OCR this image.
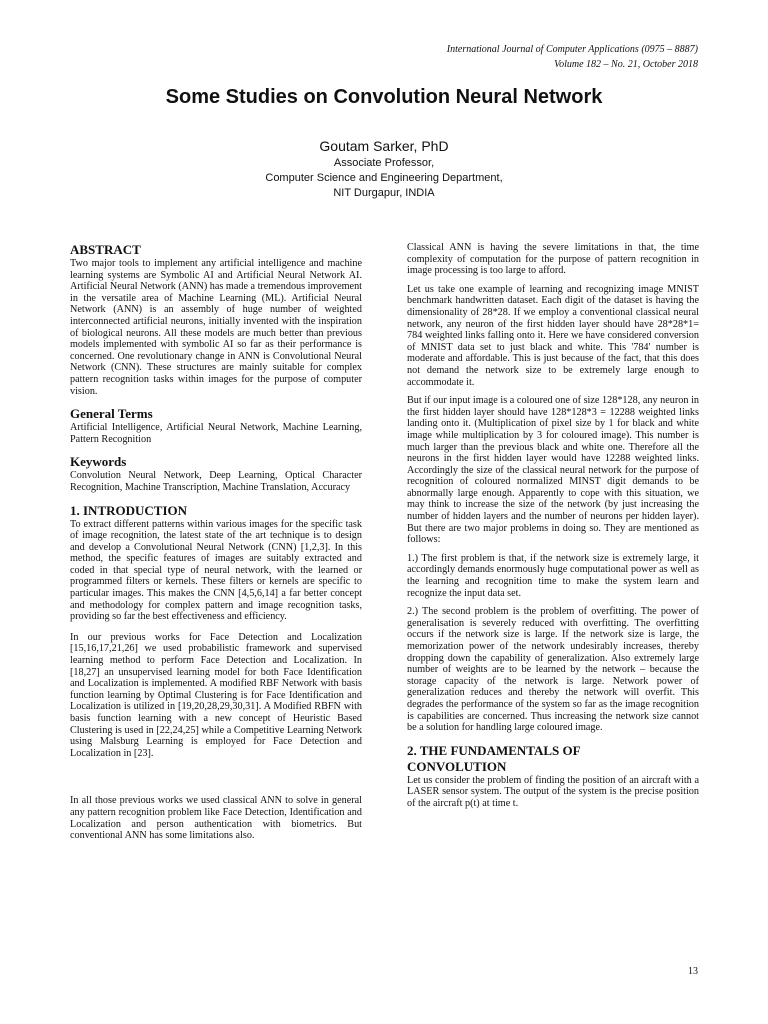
International Journal of Computer Applications (0975 – 8887)
Volume 182 – No. 21, October 2018
Some Studies on Convolution Neural Network
Goutam Sarker, PhD
Associate Professor,
Computer Science and Engineering Department,
NIT Durgapur, INDIA
ABSTRACT

Two major tools to implement any artificial intelligence and machine learning systems are Symbolic AI and Artificial Neural Network AI. Artificial Neural Network (ANN) has made a tremendous improvement in the versatile area of Machine Learning (ML). Artificial Neural Network (ANN) is an assembly of huge number of weighted interconnected artificial neurons, initially invented with the inspiration of biological neurons. All these models are much better than previous models implemented with symbolic AI so far as their performance is concerned. One revolutionary change in ANN is Convolutional Neural Network (CNN). These structures are mainly suitable for complex pattern recognition tasks within images for the purpose of computer vision.

General Terms

Artificial Intelligence, Artificial Neural Network, Machine Learning, Pattern Recognition

Keywords

Convolution Neural Network, Deep Learning, Optical Character Recognition, Machine Transcription, Machine Translation, Accuracy

1. INTRODUCTION

To extract different patterns within various images for the specific task of image recognition, the latest state of the art technique is to design and develop a Convolutional Neural Network (CNN) [1,2,3]. In this method, the specific features of images are suitably extracted and coded in that special type of neural network, with the learned or programmed filters or kernels. These filters or kernels are specific to particular images. This makes the CNN [4,5,6,14] a far better concept and methodology for complex pattern and image recognition tasks, providing so far the best effectiveness and efficiency.

In our previous works for Face Detection and Localization [15,16,17,21,26] we used probabilistic framework and supervised learning method to perform Face Detection and Localization. In [18,27] an unsupervised learning model for both Face Identification and Localization is implemented. A modified RBF Network with basis function learning by Optimal Clustering is for Face Identification and Localization is utilized in [19,20,28,29,30,31]. A Modified RBFN with basis function learning with a new concept of Heuristic Based Clustering is used in [22,24,25] while a Competitive Learning Network using Malsburg Learning is employed for Face Detection and Localization in [23].

In all those previous works we used classical ANN to solve in general any pattern recognition problem like Face Detection, Identification and Localization and person authentication with biometrics. But conventional ANN has some limitations also.

Classical ANN is having the severe limitations in that, the time complexity of computation for the purpose of pattern recognition in image processing is too large to afford.

Let us take one example of learning and recognizing image MNIST benchmark handwritten dataset. Each digit of the dataset is having the dimensionality of 28*28. If we employ a conventional classical neural network, any neuron of the first hidden layer should have 28*28*1= 784 weighted links falling onto it. Here we have considered conversion of MNIST data set to just black and white. This '784' number is moderate and affordable. This is just because of the fact, that this does not demand the network size to be extremely large enough to accommodate it.

But if our input image is a coloured one of size 128*128, any neuron in the first hidden layer should have 128*128*3 = 12288 weighted links landing onto it. (Multiplication of pixel size by 1 for black and white image while multiplication by 3 for coloured image). This number is much larger than the previous black and white one. Therefore all the neurons in the first hidden layer would have 12288 weighted links. Accordingly the size of the classical neural network for the purpose of recognition of coloured normalized MINST digit demands to be abnormally large enough. Apparently to cope with this situation, we may think to increase the size of the network (by just increasing the number of hidden layers and the number of neurons per hidden layer). But there are two major problems in doing so. They are mentioned as follows:

1.) The first problem is that, if the network size is extremely large, it accordingly demands enormously huge computational power as well as the learning and recognition time to make the system learn and recognize the input data set.

2.) The second problem is the problem of overfitting. The power of generalisation is severely reduced with overfitting. The overfitting occurs if the network size is large. If the network size is large, the memorization power of the network undesirably increases, thereby dropping down the capability of generalization. Also extremely large number of weights are to be learned by the network – because the storage capacity of the network is large. Network power of generalization reduces and thereby the network will overfit. This degrades the performance of the system so far as the image recognition is capabilities are concerned. Thus increasing the network size cannot be a solution for handling large coloured image.

2. THE FUNDAMENTALS OF
CONVOLUTION

Let us consider the problem of finding the position of an aircraft with a LASER sensor system. The output of the system is the precise position of the aircraft p(t) at time t.

13
